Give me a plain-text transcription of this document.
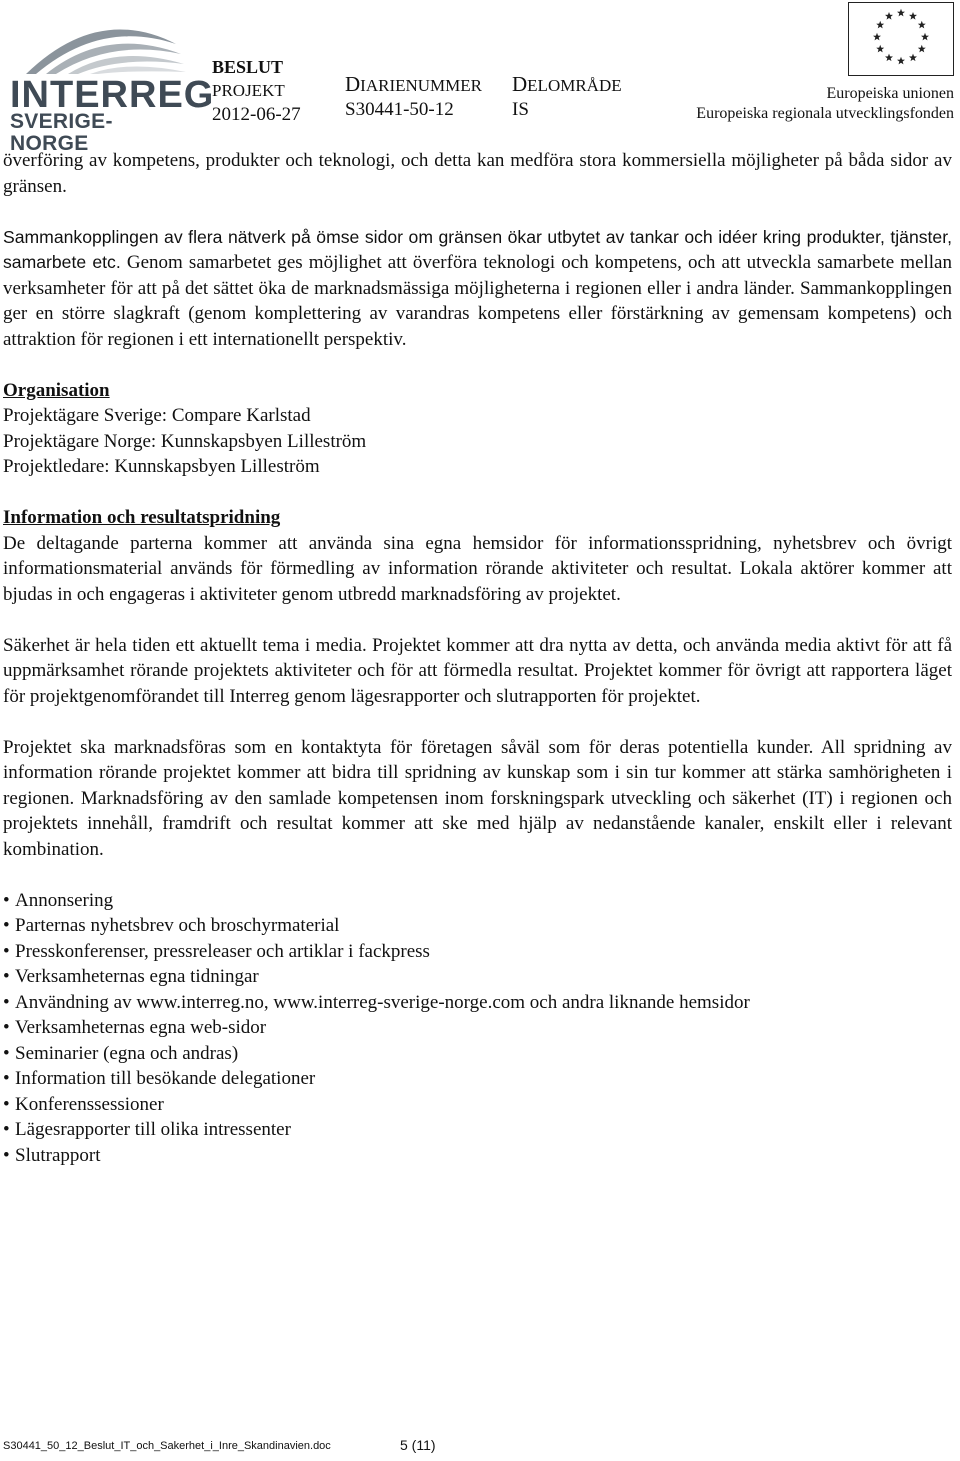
INTERREG
SVERIGE-NORGE
BESLUT
PROJEKT
2012-06-27
DIARIENUMMER
S30441-50-12
DELOMRÅDE
IS
Europeiska unionen
Europeiska regionala utvecklingsfonden

överföring av kompetens, produkter och teknologi, och detta kan medföra stora kommersiella möjligheter på båda sidor av gränsen.

Sammankopplingen av flera nätverk på ömse sidor om gränsen ökar utbytet av tankar och idéer kring produkter, tjänster, samarbete etc. Genom samarbetet ges möjlighet att överföra teknologi och kompetens, och att utveckla samarbete mellan verksamheter för att på det sättet öka de marknadsmässiga möjligheterna i regionen eller i andra länder. Sammankopplingen ger en större slagkraft (genom komplettering av varandras kompetens eller förstärkning av gemensam kompetens) och attraktion för regionen i ett internationellt perspektiv.

Organisation
Projektägare Sverige: Compare Karlstad
Projektägare Norge: Kunnskapsbyen Lilleström
Projektledare: Kunnskapsbyen Lilleström

Information och resultatspridning
De deltagande parterna kommer att använda sina egna hemsidor för informationsspridning, nyhetsbrev och övrigt informationsmaterial används för förmedling av information rörande aktiviteter och resultat. Lokala aktörer kommer att bjudas in och engageras i aktiviteter genom utbredd marknadsföring av projektet.

Säkerhet är hela tiden ett aktuellt tema i media. Projektet kommer att dra nytta av detta, och använda media aktivt för att få uppmärksamhet rörande projektets aktiviteter och för att förmedla resultat. Projektet kommer för övrigt att rapportera läget för projektgenomförandet till Interreg genom lägesrapporter och slutrapporten för projektet.

Projektet ska marknadsföras som en kontaktyta för företagen såväl som för deras potentiella kunder. All spridning av information rörande projektet kommer att bidra till spridning av kunskap som i sin tur kommer att stärka samhörigheten i regionen. Marknadsföring av den samlade kompetensen inom forskningspark utveckling och säkerhet (IT) i regionen och projektets innehåll, framdrift och resultat kommer att ske med hjälp av nedanstående kanaler, enskilt eller i relevant kombination.

• Annonsering
• Parternas nyhetsbrev och broschyrmaterial
• Presskonferenser, pressreleaser och artiklar i fackpress
• Verksamheternas egna tidningar
• Användning av www.interreg.no, www.interreg-sverige-norge.com och andra liknande hemsidor
• Verksamheternas egna web-sidor
• Seminarier (egna och andras)
• Information till besökande delegationer
• Konferenssessioner
• Lägesrapporter till olika intressenter
• Slutrapport
S30441_50_12_Beslut_IT_och_Sakerhet_i_Inre_Skandinavien.doc	5 (11)
